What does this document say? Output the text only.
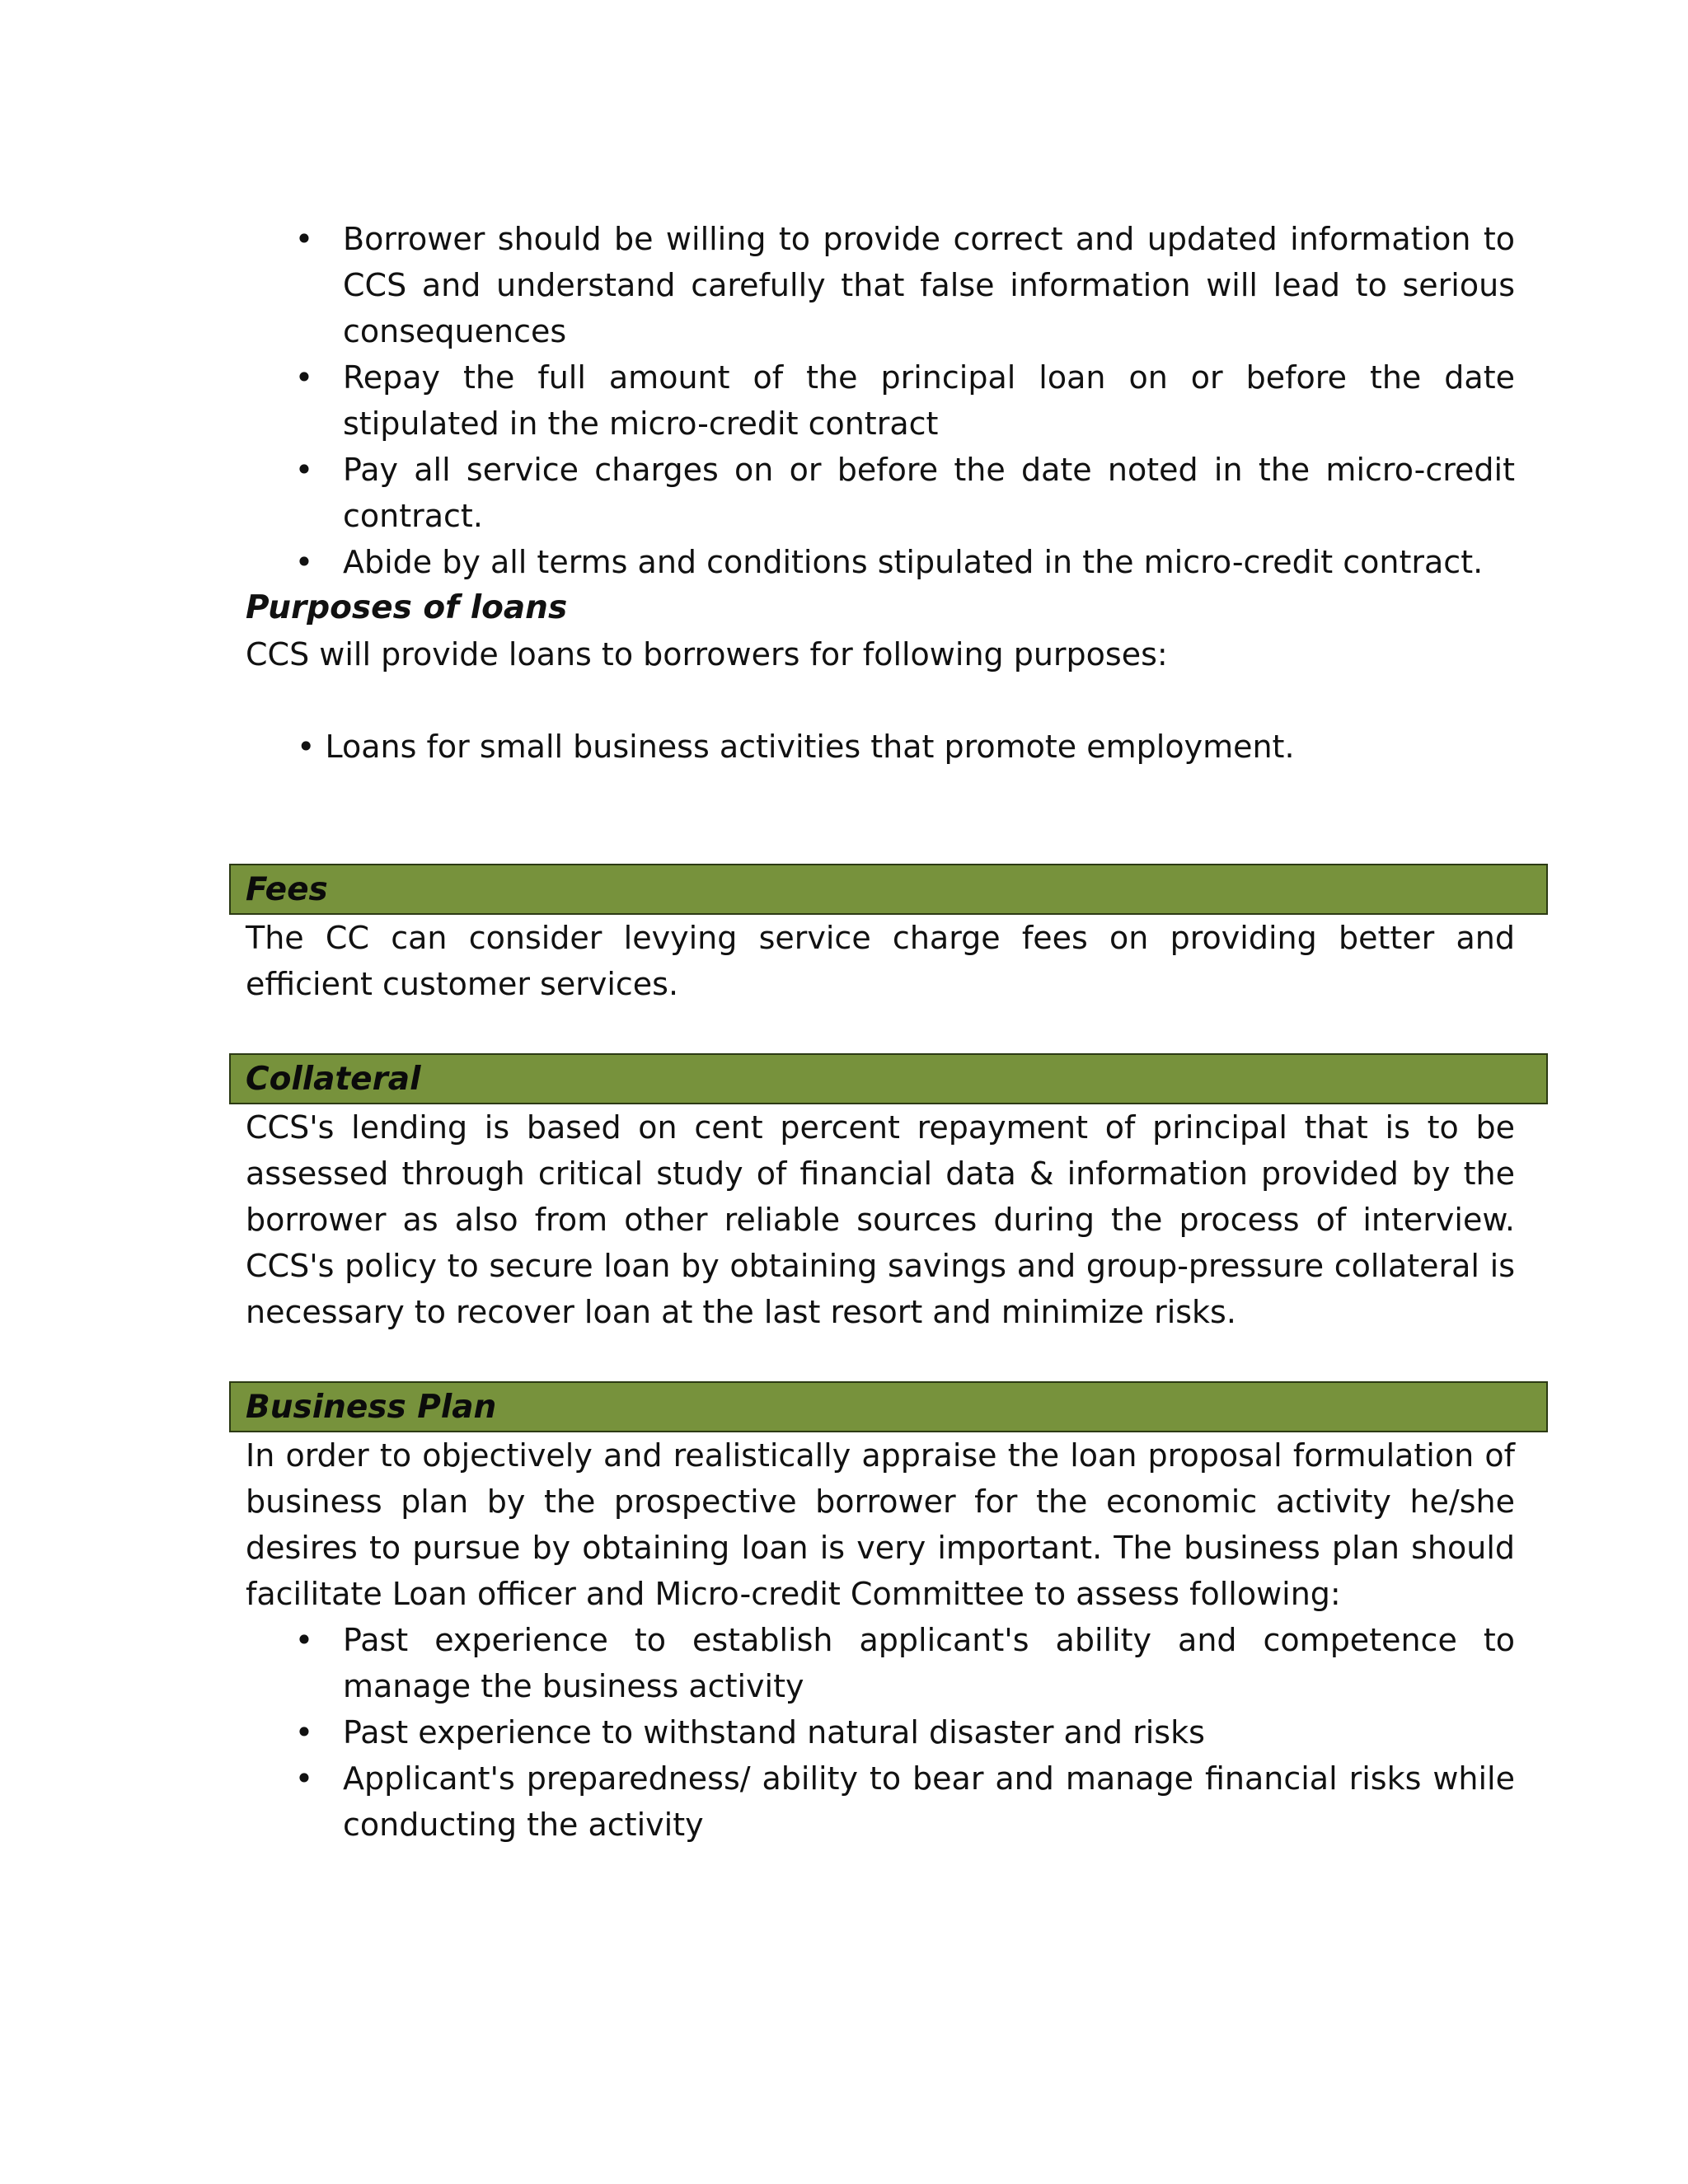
• Borrower should be willing to provide correct and updated information to CCS and understand carefully that false information will lead to serious consequences
• Repay the full amount of the principal loan on or before the date stipulated in the micro-credit contract
• Pay all service charges on or before the date noted in the micro-credit contract.
• Abide by all terms and conditions stipulated in the micro-credit contract.

Purposes of loans

CCS will provide loans to borrowers for following purposes:

• Loans for small business activities that promote employment.
Fees

The CC can consider levying service charge fees on providing better and efficient customer services.

Collateral

CCS's lending is based on cent percent repayment of principal that is to be assessed through critical study of financial data & information provided by the borrower as also from other reliable sources during the process of interview. CCS's policy to secure loan by obtaining savings and group-pressure collateral is necessary to recover loan at the last resort and minimize risks.

Business Plan

In order to objectively and realistically appraise the loan proposal formulation of business plan by the prospective borrower for the economic activity he/she desires to pursue by obtaining loan is very important. The business plan should facilitate Loan officer and Micro-credit Committee to assess following:

• Past experience to establish applicant's ability and competence to manage the business activity
• Past experience to withstand natural disaster and risks
• Applicant's preparedness/ ability to bear and manage financial risks while conducting the activity
